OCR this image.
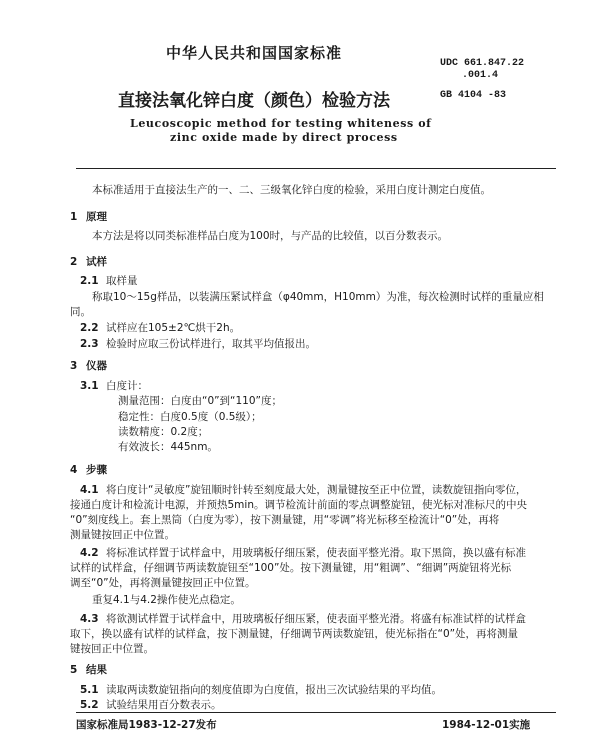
中华人民共和国国家标准
UDC 661.847.22
.001.4
GB 4104 -83
直接法氧化锌白度（颜色）检验方法
Leucoscopic method for testing whiteness of
zinc oxide made by direct process
本标准适用于直接法生产的一、二、三级氧化锌白度的检验，采用白度计测定白度值。
1 原理
本方法是将以同类标准样品白度为100时，与产品的比较值，以百分数表示。
2 试样
2.1 取样量
称取10～15g样品，以装满压紧试样盒（φ40mm，H10mm）为准，每次检测时试样的重量应相
同。
2.2 试样应在105±2℃烘干2h。
2.3 检验时应取三份试样进行，取其平均值报出。
3 仪器
3.1 白度计：
测量范围：白度由“0”到“110”度；
稳定性：白度0.5度（0.5级）；
读数精度：0.2度；
有效波长：445nm。
4 步骤
4.1 将白度计“灵敏度”旋钮顺时针转至刻度最大处，测量键按至正中位置，读数旋钮指向零位，
接通白度计和检流计电源，并预热5min。调节检流计前面的零点调整旋钮，使光标对准标尺的中央
“0”刻度线上。套上黑筒（白度为零），按下测量键，用“零调”将光标移至检流计“0”处，再将
测量键按回正中位置。
4.2 将标准试样置于试样盒中，用玻璃板仔细压紧，使表面平整光滑。取下黑筒，换以盛有标准
试样的试样盒，仔细调节两读数旋钮至“100”处。按下测量键，用“粗调”、“细调”两旋钮将光标
调至“0”处，再将测量键按回正中位置。
重复4.1与4.2操作使光点稳定。
4.3 将欲测试样置于试样盒中，用玻璃板仔细压紧，使表面平整光滑。将盛有标准试样的试样盒
取下，换以盛有试样的试样盒，按下测量键，仔细调节两读数旋钮，使光标指在“0”处，再将测量
键按回正中位置。
5 结果
5.1 读取两读数旋钮指向的刻度值即为白度值，报出三次试验结果的平均值。
5.2 试验结果用百分数表示。
国家标准局1983-12-27发布	1984-12-01实施
